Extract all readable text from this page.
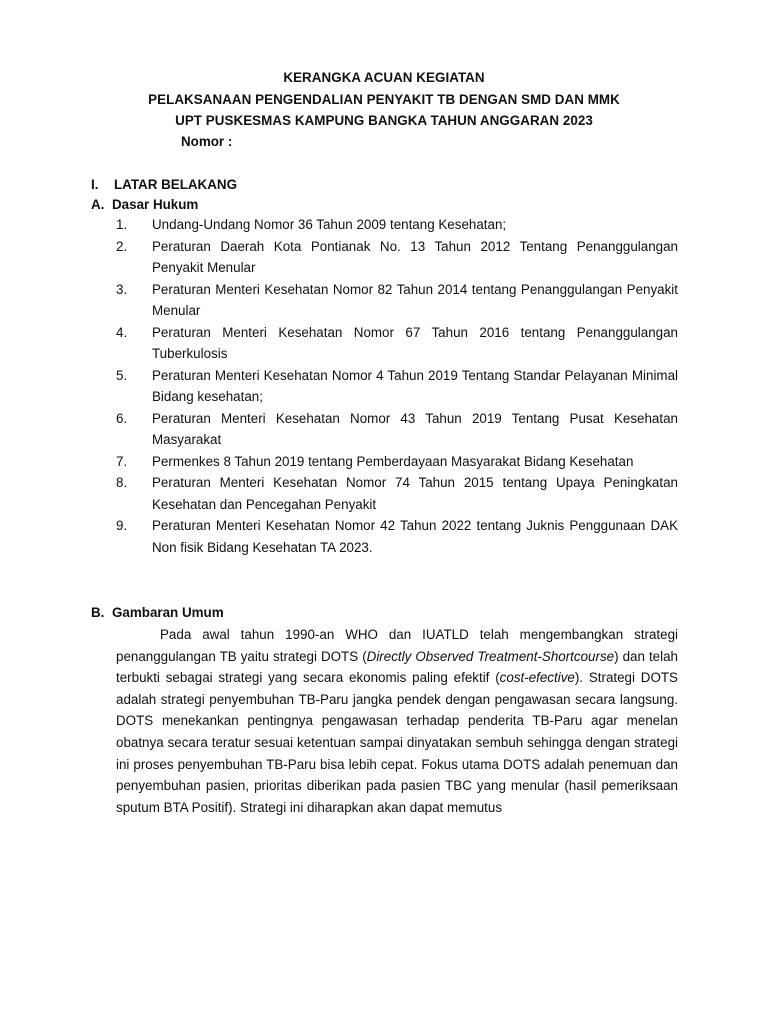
KERANGKA ACUAN KEGIATAN
PELAKSANAAN PENGENDALIAN PENYAKIT TB DENGAN SMD DAN MMK
UPT PUSKESMAS KAMPUNG BANGKA TAHUN ANGGARAN 2023
Nomor :
I. LATAR BELAKANG
A. Dasar Hukum
1.	Undang-Undang Nomor 36 Tahun 2009 tentang Kesehatan;
2.	Peraturan Daerah Kota Pontianak No. 13 Tahun 2012 Tentang Penanggulangan Penyakit Menular
3.	Peraturan Menteri Kesehatan Nomor 82 Tahun 2014 tentang Penanggulangan Penyakit Menular
4.	Peraturan Menteri Kesehatan Nomor 67 Tahun 2016 tentang Penanggulangan Tuberkulosis
5.	Peraturan Menteri Kesehatan Nomor 4 Tahun 2019 Tentang Standar Pelayanan Minimal Bidang kesehatan;
6.	Peraturan Menteri Kesehatan Nomor 43 Tahun 2019 Tentang Pusat Kesehatan Masyarakat
7.	Permenkes 8 Tahun 2019 tentang Pemberdayaan Masyarakat Bidang Kesehatan
8.	Peraturan Menteri Kesehatan Nomor 74 Tahun 2015 tentang Upaya Peningkatan Kesehatan dan Pencegahan Penyakit
9.	Peraturan Menteri Kesehatan Nomor 42 Tahun 2022 tentang Juknis Penggunaan DAK Non fisik Bidang Kesehatan TA 2023.
B. Gambaran Umum

Pada awal tahun 1990-an WHO dan IUATLD telah mengembangkan strategi penanggulangan TB yaitu strategi DOTS (Directly Observed Treatment-Shortcourse) dan telah terbukti sebagai strategi yang secara ekonomis paling efektif (cost-efective). Strategi DOTS adalah strategi penyembuhan TB-Paru jangka pendek dengan pengawasan secara langsung. DOTS menekankan pentingnya pengawasan terhadap penderita TB-Paru agar menelan obatnya secara teratur sesuai ketentuan sampai dinyatakan sembuh sehingga dengan strategi ini proses penyembuhan TB-Paru bisa lebih cepat. Fokus utama DOTS adalah penemuan dan penyembuhan pasien, prioritas diberikan pada pasien TBC yang menular (hasil pemeriksaan sputum BTA Positif). Strategi ini diharapkan akan dapat memutus
